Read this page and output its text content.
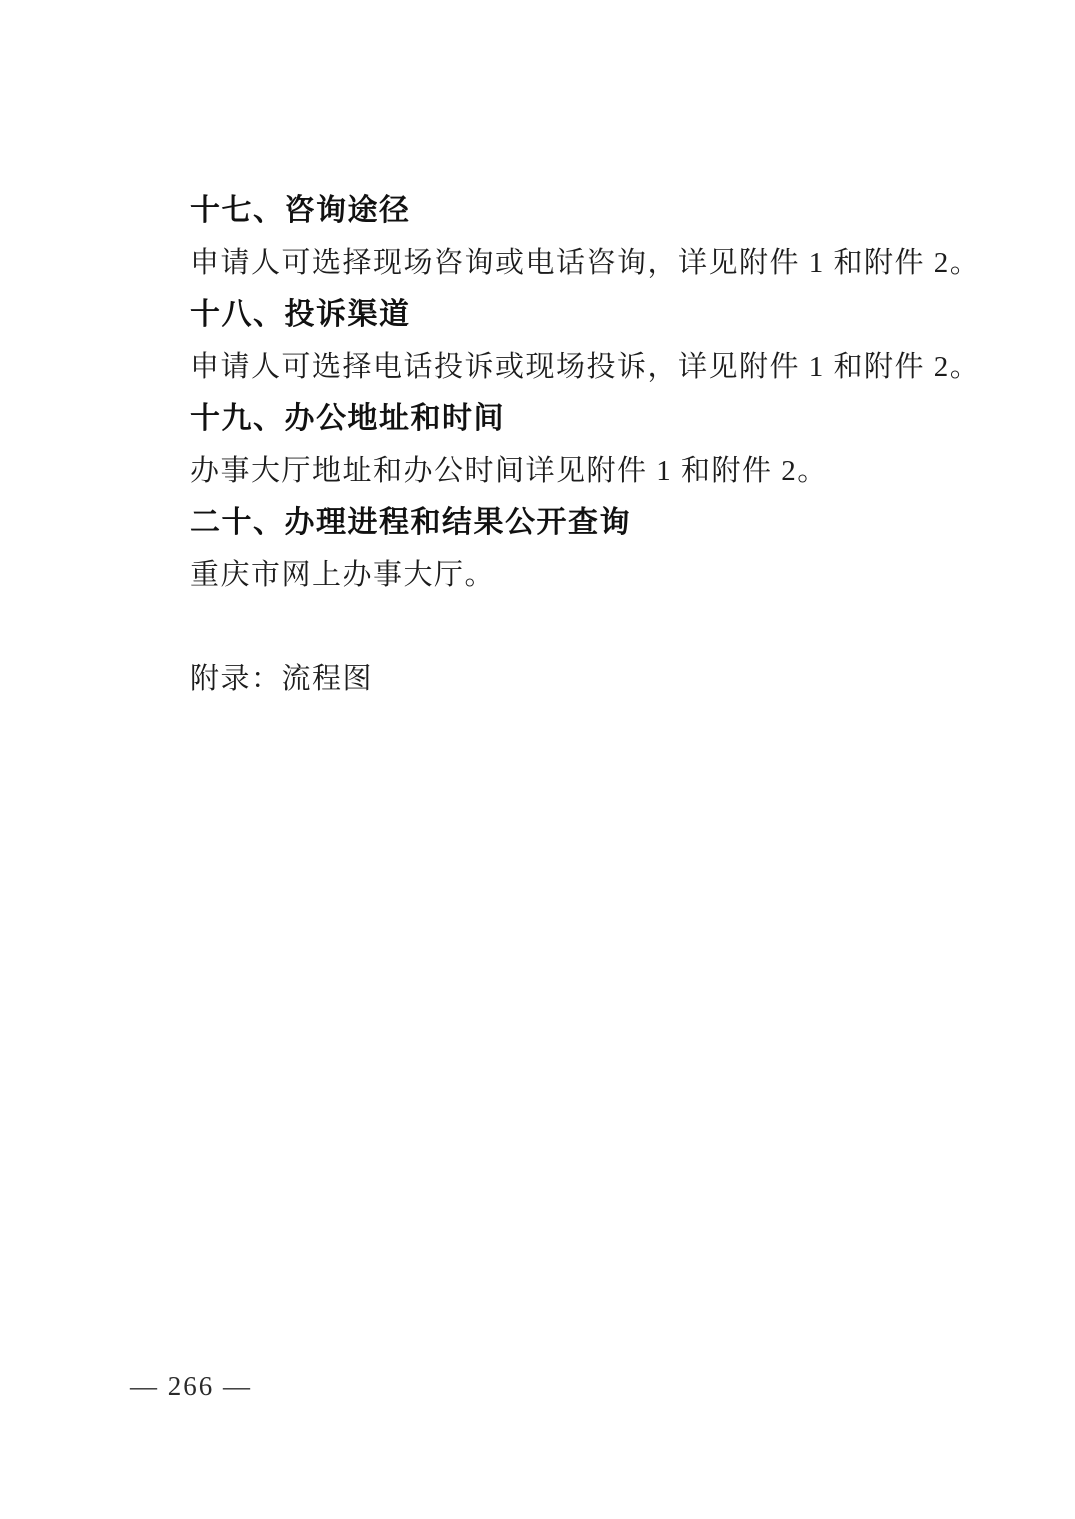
十七、咨询途径
申请人可选择现场咨询或电话咨询，详见附件 1 和附件 2。
十八、投诉渠道
申请人可选择电话投诉或现场投诉，详见附件 1 和附件 2。
十九、办公地址和时间
办事大厅地址和办公时间详见附件 1 和附件 2。
二十、办理进程和结果公开查询
重庆市网上办事大厅。
附录：流程图
— 266 —
